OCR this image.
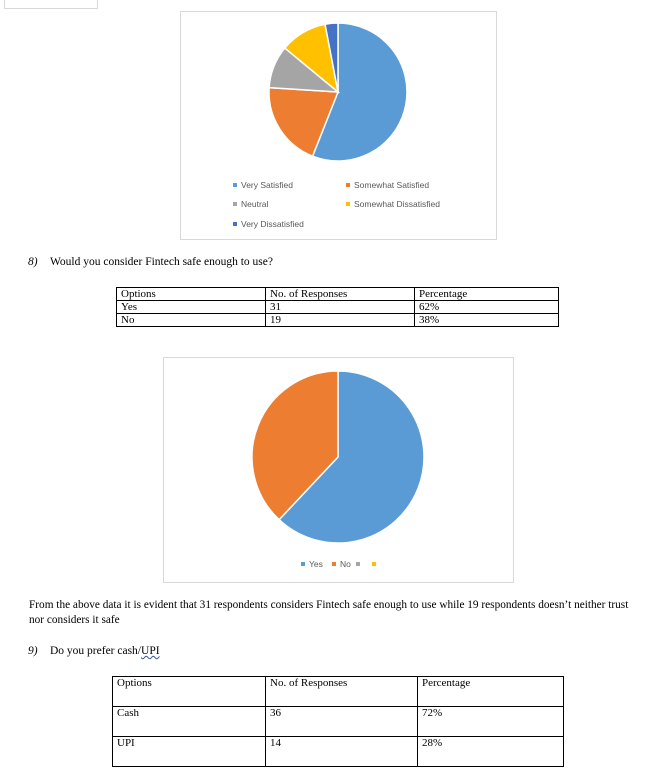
Very Satisfied	Somewhat Satisfied
Neutral	Somewhat Dissatisfied
Very Dissatisfied
8) Would you consider Fintech safe enough to use?
Options	No. of Responses	Percentage
Yes	31	62%
No	19	38%
Yes	No
From the above data it is evident that 31 respondents considers Fintech safe enough to use while 19 respondents doesn’t neither trust
nor considers it safe
9) Do you prefer cash/UPI
Options	No. of Responses	Percentage
Cash	36	72%
UPI	14	28%
